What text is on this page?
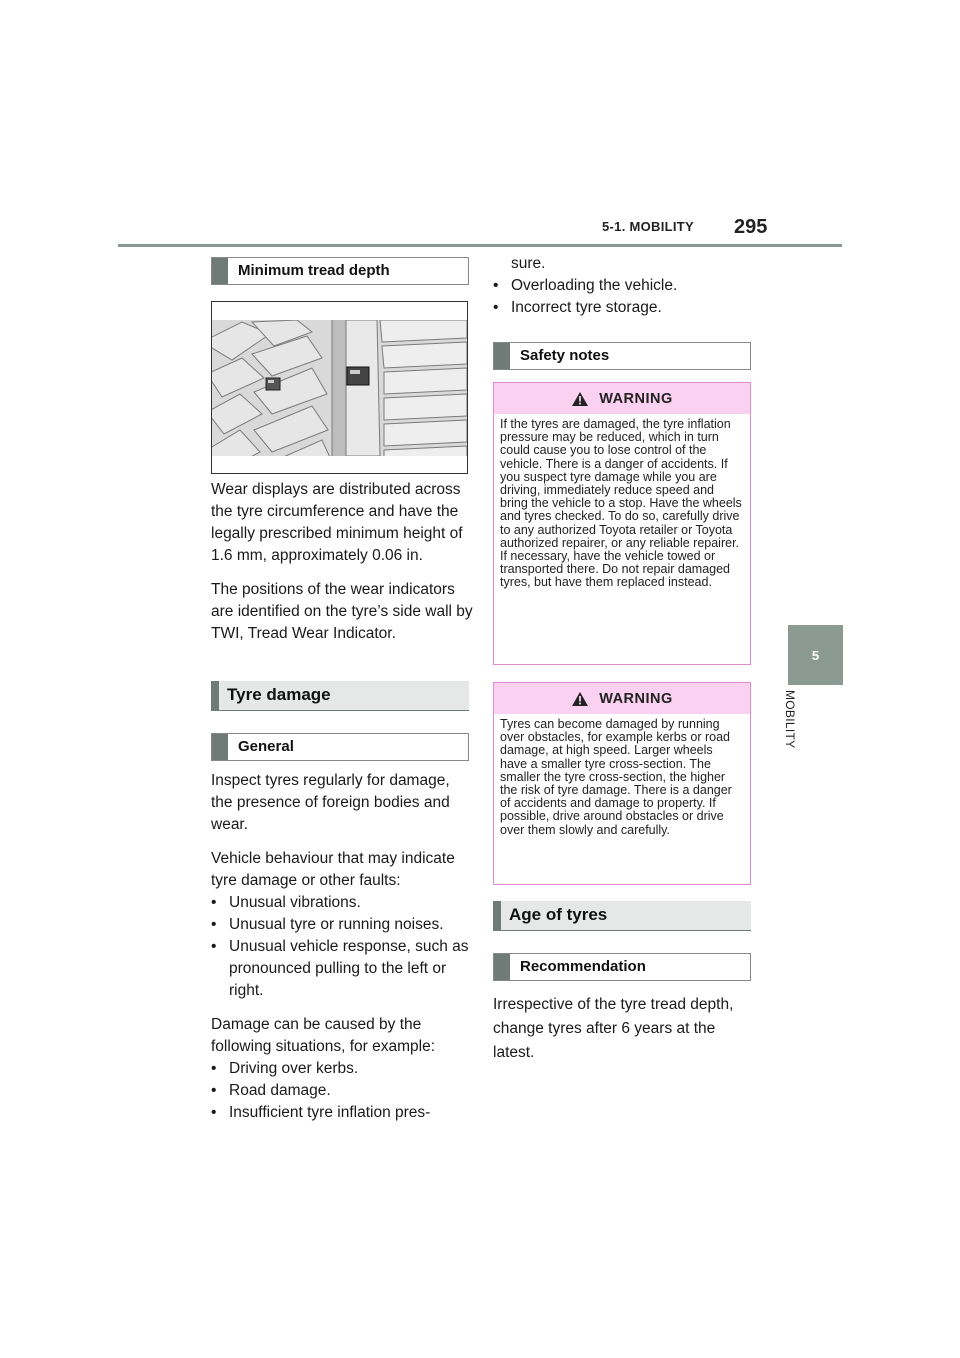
5-1. MOBILITY 295
5
MOBILITY
Minimum tread depth

Wear displays are distributed across the tyre circumference and have the legally prescribed minimum height of 1.6 mm, approximately 0.06 in.

The positions of the wear indicators are identified on the tyre’s side wall by TWI, Tread Wear Indicator.

Tyre damage
General

Inspect tyres regularly for damage, the presence of foreign bodies and wear.

Vehicle behaviour that may indicate tyre damage or other faults:

• Unusual vibrations.
• Unusual tyre or running noises.
• Unusual vehicle response, such as pronounced pulling to the left or right.

Damage can be caused by the following situations, for example:

• Driving over kerbs.
• Road damage.
• Insufficient tyre inflation pres-
sure.
• Overloading the vehicle.
• Incorrect tyre storage.
Safety notes
WARNING
If the tyres are damaged, the tyre inflation pressure may be reduced, which in turn could cause you to lose control of the vehicle. There is a danger of accidents. If you suspect tyre damage while you are driving, immediately reduce speed and bring the vehicle to a stop. Have the wheels and tyres checked. To do so, carefully drive to any authorized Toyota retailer or Toyota authorized repairer, or any reliable repairer. If necessary, have the vehicle towed or transported there. Do not repair damaged tyres, but have them replaced instead.
WARNING
Tyres can become damaged by running over obstacles, for example kerbs or road damage, at high speed. Larger wheels have a smaller tyre cross-section. The smaller the tyre cross-section, the higher the risk of tyre damage. There is a danger of accidents and damage to property. If possible, drive around obstacles or drive over them slowly and carefully.
Age of tyres
Recommendation

Irrespective of the tyre tread depth, change tyres after 6 years at the latest.
